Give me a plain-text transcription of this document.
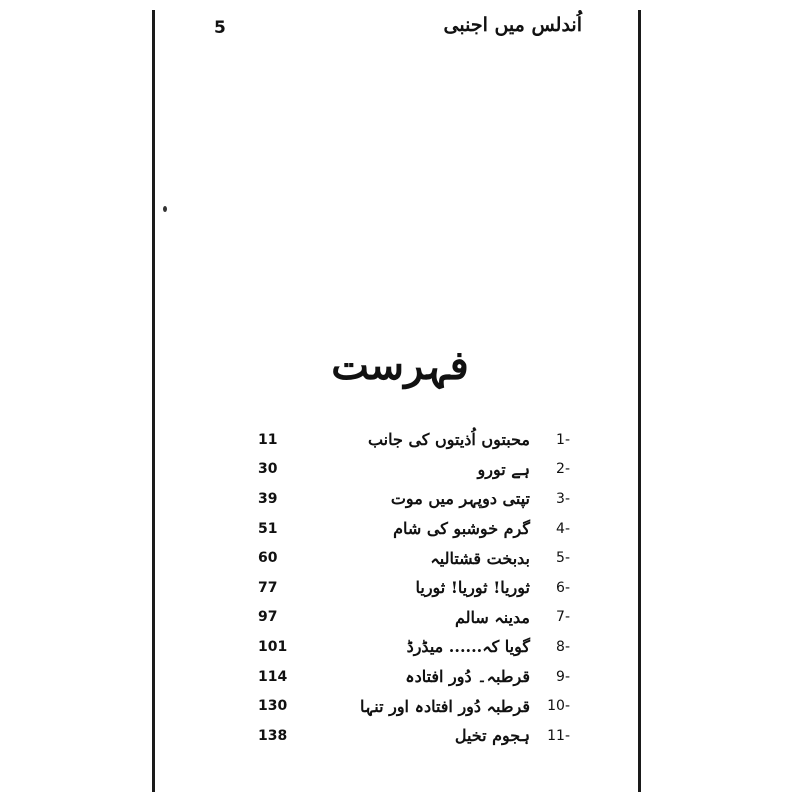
5	اُندلس میں اجنبی
فہرست
11	محبتوں اُذیتوں کی جانب 1-
30	ہے تورو 2-
39	تپتی دوپہر میں موت 3-
51	گرم خوشبو کی شام 4-
60	بدبخت قشتالیہ 5-
77	ثوریا! ثوریا! ثوریا 6-
97	مدینہ سالم 7-
101	گویا کہ...... میڈرڈ 8-
114	قرطبہ۔ دُور افتادہ 9-
130	قرطبہ دُور افتادہ اور تنہا 10-
138	ہجوم تخیل 11-
